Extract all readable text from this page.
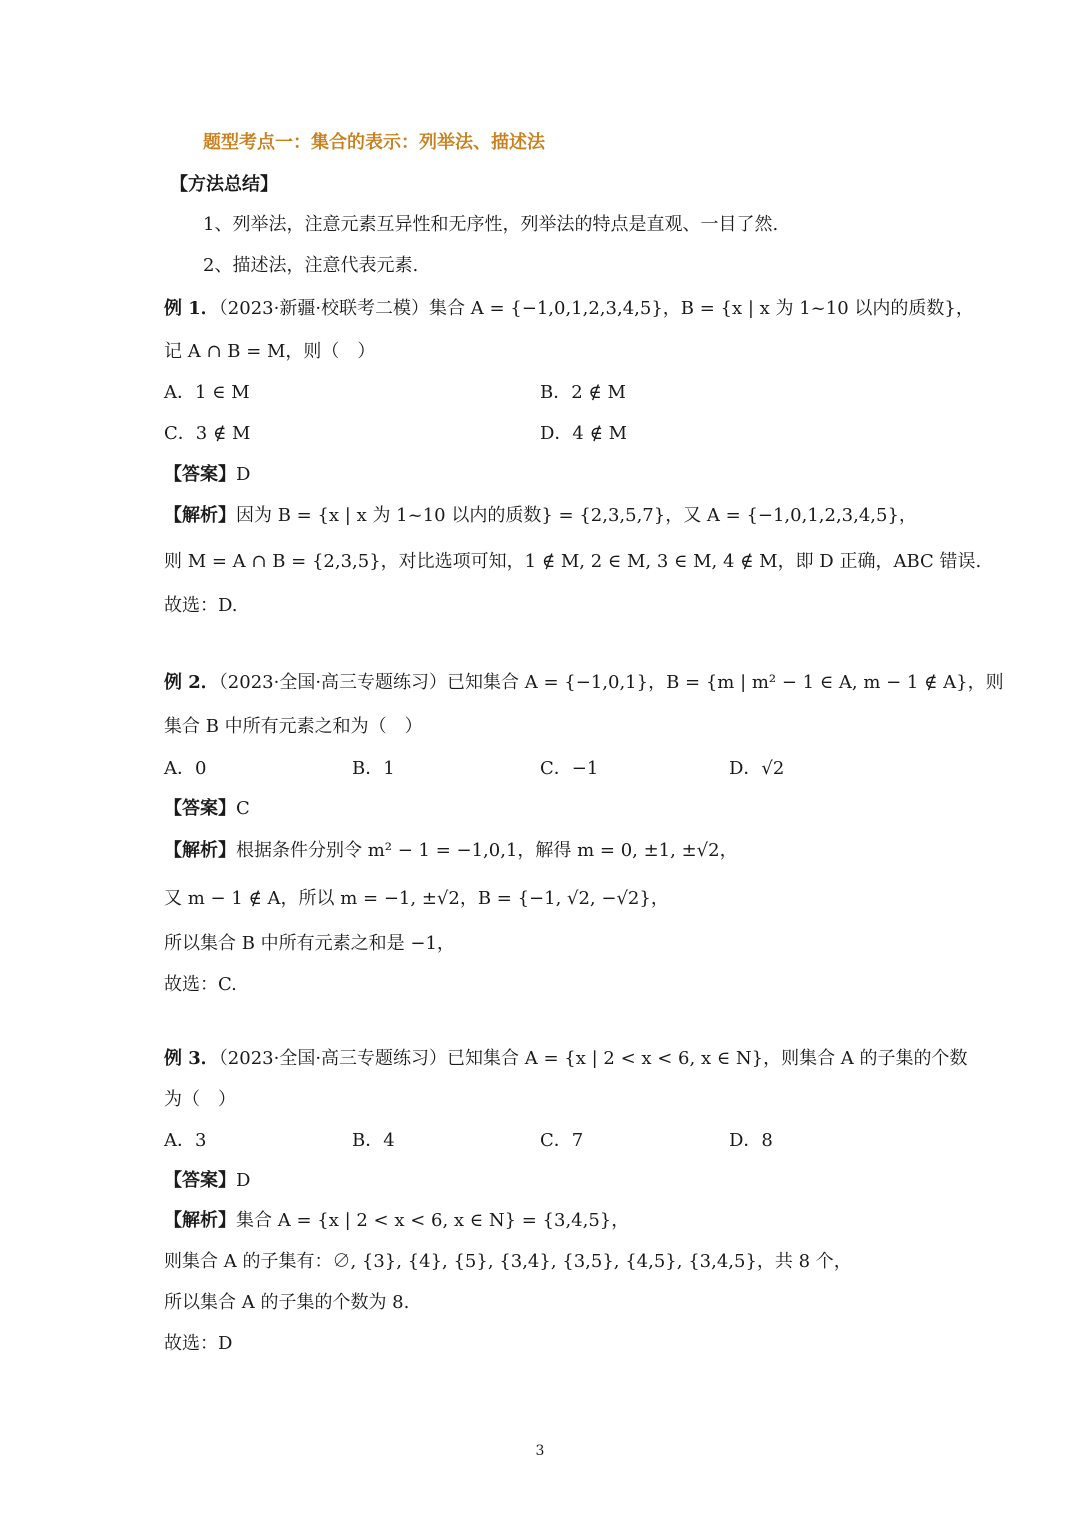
题型考点一：集合的表示：列举法、描述法
【方法总结】
1、列举法，注意元素互异性和无序性，列举法的特点是直观、一目了然.
2、描述法，注意代表元素.
例 1．（2023·新疆·校联考二模）集合 A = {−1,0,1,2,3,4,5}，B = {x | x 为 1~10 以内的质数}，
记 A ∩ B = M，则（　）
A．1 ∈ M	B．2 ∉ M
C．3 ∉ M	D．4 ∉ M
【答案】D
【解析】因为 B = {x | x 为 1~10 以内的质数} = {2,3,5,7}，又 A = {−1,0,1,2,3,4,5}，
则 M = A ∩ B = {2,3,5}，对比选项可知，1 ∉ M, 2 ∈ M, 3 ∈ M, 4 ∉ M，即 D 正确，ABC 错误.
故选：D.
例 2．（2023·全国·高三专题练习）已知集合 A = {−1,0,1}，B = {m | m² − 1 ∈ A, m − 1 ∉ A}，则
集合 B 中所有元素之和为（　）
A．0	B．1	C．−1	D．√2
【答案】C
【解析】根据条件分别令 m² − 1 = −1,0,1，解得 m = 0, ±1, ±√2，
又 m − 1 ∉ A，所以 m = −1, ±√2，B = {−1, √2, −√2}，
所以集合 B 中所有元素之和是 −1，
故选：C.
例 3．（2023·全国·高三专题练习）已知集合 A = {x | 2 < x < 6, x ∈ N}，则集合 A 的子集的个数
为（　）
A．3	B．4	C．7	D．8
【答案】D
【解析】集合 A = {x | 2 < x < 6, x ∈ N} = {3,4,5}，
则集合 A 的子集有：∅, {3}, {4}, {5}, {3,4}, {3,5}, {4,5}, {3,4,5}，共 8 个，
所以集合 A 的子集的个数为 8.
故选：D
3
